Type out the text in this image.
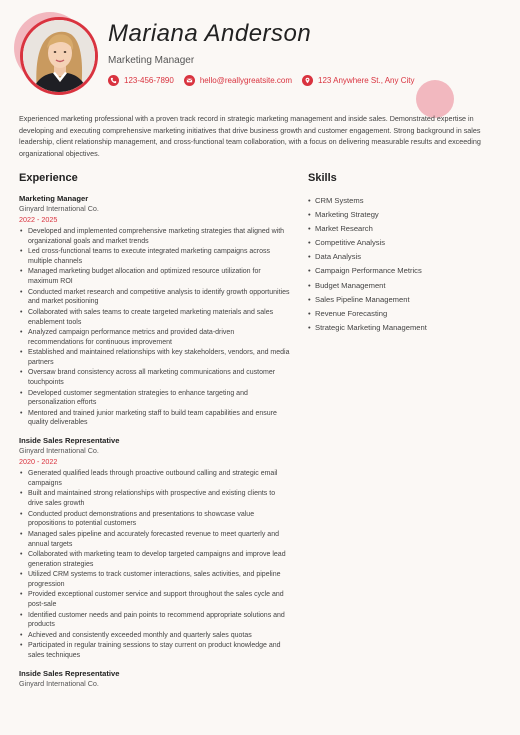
Mariana Anderson
Marketing Manager
123-456-7890	hello@reallygreatsite.com	123 Anywhere St., Any City
Experienced marketing professional with a proven track record in strategic marketing management and inside sales. Demonstrated expertise in developing and executing comprehensive marketing initiatives that drive business growth and customer engagement. Strong background in sales leadership, client relationship management, and cross-functional team collaboration, with a focus on delivering measurable results and exceeding organizational objectives.
Experience
Marketing Manager
Ginyard International Co.
2022 - 2025
• Developed and implemented comprehensive marketing strategies that aligned with organizational goals and market trends
• Led cross-functional teams to execute integrated marketing campaigns across multiple channels
• Managed marketing budget allocation and optimized resource utilization for maximum ROI
• Conducted market research and competitive analysis to identify growth opportunities and market positioning
• Collaborated with sales teams to create targeted marketing materials and sales enablement tools
• Analyzed campaign performance metrics and provided data-driven recommendations for continuous improvement
• Established and maintained relationships with key stakeholders, vendors, and media partners
• Oversaw brand consistency across all marketing communications and customer touchpoints
• Developed customer segmentation strategies to enhance targeting and personalization efforts
• Mentored and trained junior marketing staff to build team capabilities and ensure quality deliverables
Inside Sales Representative
Ginyard International Co.
2020 - 2022
• Generated qualified leads through proactive outbound calling and strategic email campaigns
• Built and maintained strong relationships with prospective and existing clients to drive sales growth
• Conducted product demonstrations and presentations to showcase value propositions to potential customers
• Managed sales pipeline and accurately forecasted revenue to meet quarterly and annual targets
• Collaborated with marketing team to develop targeted campaigns and improve lead generation strategies
• Utilized CRM systems to track customer interactions, sales activities, and pipeline progression
• Provided exceptional customer service and support throughout the sales cycle and post-sale
• Identified customer needs and pain points to recommend appropriate solutions and products
• Achieved and consistently exceeded monthly and quarterly sales quotas
• Participated in regular training sessions to stay current on product knowledge and sales techniques
Inside Sales Representative
Ginyard International Co.
Skills
• CRM Systems
• Marketing Strategy
• Market Research
• Competitive Analysis
• Data Analysis
• Campaign Performance Metrics
• Budget Management
• Sales Pipeline Management
• Revenue Forecasting
• Strategic Marketing Management
